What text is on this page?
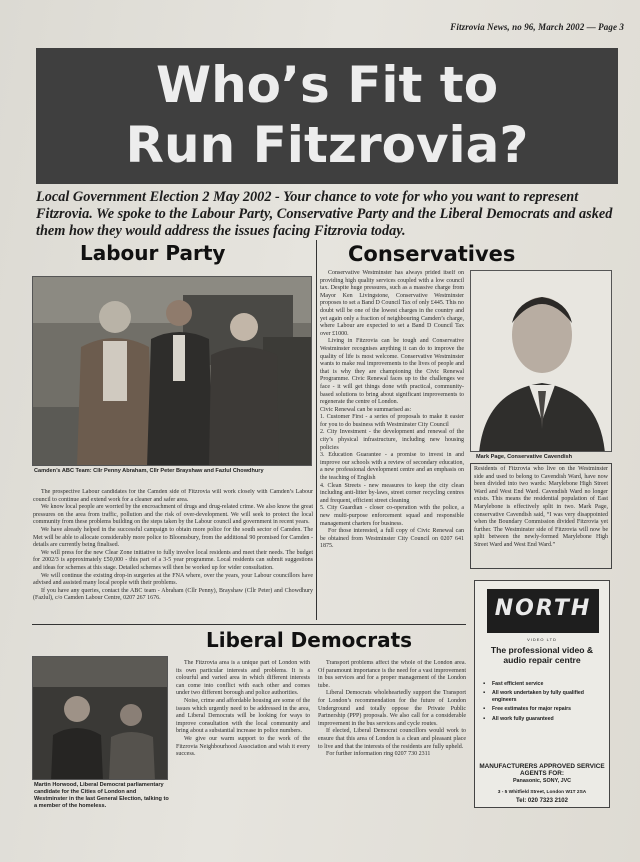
Fitzrovia News, no 96, March 2002 — Page 3
Who’s Fit to
Run Fitzrovia?
Local Government Election 2 May 2002 - Your chance to vote for who you want to represent Fitzrovia. We spoke to the Labour Party, Conservative Party and the Liberal Democrats and asked them how they would address the issues facing Fitzrovia today.
Labour Party
Camden’s ABC Team: Cllr Penny Abraham, Cllr Peter Brayshaw and Fazlul Chowdhury

The prospective Labour candidates for the Camden side of Fitzrovia will work closely with Camden’s Labour council to continue and extend work for a cleaner and safer area.

We know local people are worried by the encroachment of drugs and drug-related crime. We also know the great pressures on the area from traffic, pollution and the risk of over-development. We will seek to protect the local community from these problems building on the steps taken by the Labour council and government in recent years.

We have already helped in the successful campaign to obtain more police for the south sector of Camden. The Met will be able to allocate considerably more police to Bloomsbury, from the additional 90 promised for Camden - details are currently being finalised.

We will press for the new Clear Zone initiative to fully involve local residents and meet their needs. The budget for 2002/3 is approximately £50,000 - this part of a 3-5 year programme. Local residents can submit suggestions and ideas for schemes at this stage. Detailed schemes will then be worked up for wider consultation.

We will continue the existing drop-in surgeries at the FNA where, over the years, your Labour councillors have advised and assisted many local people with their problems.

If you have any queries, contact the ABC team - Abraham (Cllr Penny), Brayshaw (Cllr Peter) and Chowdhury (Fazlul), c/o Camden Labour Centre, 0207 267 1676.

Conservatives

Conservative Westminster has always prided itself on providing high quality services coupled with a low council tax. Despite huge pressures, such as a massive charge from Mayor Ken Livingstone, Conservative Westminster proposes to set a Band D Council Tax of only £445. This no doubt will be one of the lowest charges in the country and yet again only a fraction of neighbouring Camden’s charge, where Labour are expected to set a Band D Council Tax over £1000.

Living in Fitzrovia can be tough and Conservative Westminster recognises anything it can do to improve the quality of life is most welcome. Conservative Westminster wants to make real improvements to the lives of people and that is why they are championing the Civic Renewal Programme. Civic Renewal faces up to the challenges we face - it will get things done with practical, community-based solutions to bring about significant improvements to regenerate the centre of London.

Civic Renewal can be summarised as:

1. Customer First - a series of proposals to make it easier for you to do business with Westminster City Council

2. City Investment - the development and renewal of the city’s physical infrastructure, including new housing policies

3. Education Guarantee - a promise to invest in and improve our schools with a review of secondary education, a new professional development centre and an emphasis on the teaching of English

4. Clean Streets - new measures to keep the city clean including anti-litter by-laws, street corner recycling centres and frequent, efficient street cleaning

5. City Guardian - closer co-operation with the police, a new multi-purpose enforcement squad and responsible management charters for business.

For those interested, a full copy of Civic Renewal can be obtained from Westminster City Council on 0207 641 1875.

Mark Page, Conservative Cavendish
Residents of Fitzrovia who live on the Westminster side and used to belong to Cavendish Ward, have now been divided into two wards: Marylebone High Street Ward and West End Ward. Cavendish Ward no longer exists. This means the residential population of East Marylebone is effectively split in two. Mark Page, conservative Cavendish said, “I was very disappointed when the Boundary Commission divided Fitzrovia yet further. The Westminster side of Fitzrovia will now be split between the newly-formed Marylebone High Street Ward and West End Ward.”
Liberal Democrats
Martin Horwood, Liberal Democrat parliamentary candidate for the Cities of London and Westminster in the last General Election, talking to a member of the homeless.

The Fitzrovia area is a unique part of London with its own particular interests and problems. It is a colourful and varied area in which different interests can come into conflict with each other and comes under two different borough and police authorities.

Noise, crime and affordable housing are some of the issues which urgently need to be addressed in the area, and Liberal Democrats will be looking for ways to improve consultation with the local community and bring about a substantial increase in police numbers.

We give our warm support to the work of the Fitzrovia Neighbourhood Association and wish it every success.

Transport problems affect the whole of the London area. Of paramount importance is the need for a vast improvement in bus services and for a proper management of the London tube.

Liberal Democrats wholeheartedly support the Transport for London’s recommendation for the future of London Underground and totally oppose the Private Public Partnership (PPP) proposals. We also call for a considerable improvement in the bus services and cycle routes.

If elected, Liberal Democrat councillors would work to ensure that this area of London is a clean and pleasant place to live and that the interests of the residents are fully upheld.

For further information ring 0207 730 2311

NORTH
VIDEO LTD
The professional video & audio repair centre
▪ Fast efficient service
▪ All work undertaken by fully qualified engineers
▪ Free estimates for major repairs
▪ All work fully guaranteed
MANUFACTURERS APPROVED SERVICE AGENTS FOR:
Panasonic, SONY, JVC
3 - 5 Whitfield Street, London W1T 2SA
Tel: 020 7323 2102
